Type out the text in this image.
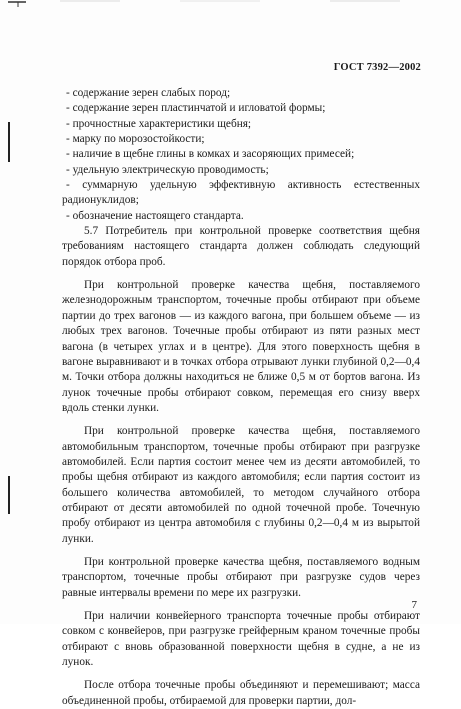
ГОСТ 7392—2002

- содержание зерен слабых пород;

- содержание зерен пластинчатой и игловатой формы;

- прочностные характеристики щебня;

- марку по морозостойкости;

- наличие в щебне глины в комках и засоряющих примесей;

- удельную электрическую проводимость;

- суммарную удельную эффективную активность естественных радионуклидов;

- обозначение настоящего стандарта.

5.7 Потребитель при контрольной проверке соответствия щебня требованиям настоящего стандарта должен соблюдать следующий порядок отбора проб.

При контрольной проверке качества щебня, поставляемого железнодорожным транспортом, точечные пробы отбирают при объеме партии до трех вагонов — из каждого вагона, при большем объеме — из любых трех вагонов. Точечные пробы отбирают из пяти разных мест вагона (в четырех углах и в центре). Для этого поверхность щебня в вагоне выравнивают и в точках отбора отрывают лунки глубиной 0,2—0,4 м. Точки отбора должны находиться не ближе 0,5 м от бортов вагона. Из лунок точечные пробы отбирают совком, перемещая его снизу вверх вдоль стенки лунки.

При контрольной проверке качества щебня, поставляемого автомобильным транспортом, точечные пробы отбирают при разгрузке автомобилей. Если партия состоит менее чем из десяти автомобилей, то пробы щебня отбирают из каждого автомобиля; если партия состоит из большего количества автомобилей, то методом случайного отбора отбирают от десяти автомобилей по одной точечной пробе. Точечную пробу отбирают из центра автомобиля с глубины 0,2—0,4 м из вырытой лунки.

При контрольной проверке качества щебня, поставляемого водным транспортом, точечные пробы отбирают при разгрузке судов через равные интервалы времени по мере их разгрузки.

При наличии конвейерного транспорта точечные пробы отбирают совком с конвейеров, при разгрузке грейферным краном точечные пробы отбирают с вновь образованной поверхности щебня в судне, а не из лунок.

После отбора точечные пробы объединяют и перемешивают; масса объединенной пробы, отбираемой для проверки партии, дол-

7
